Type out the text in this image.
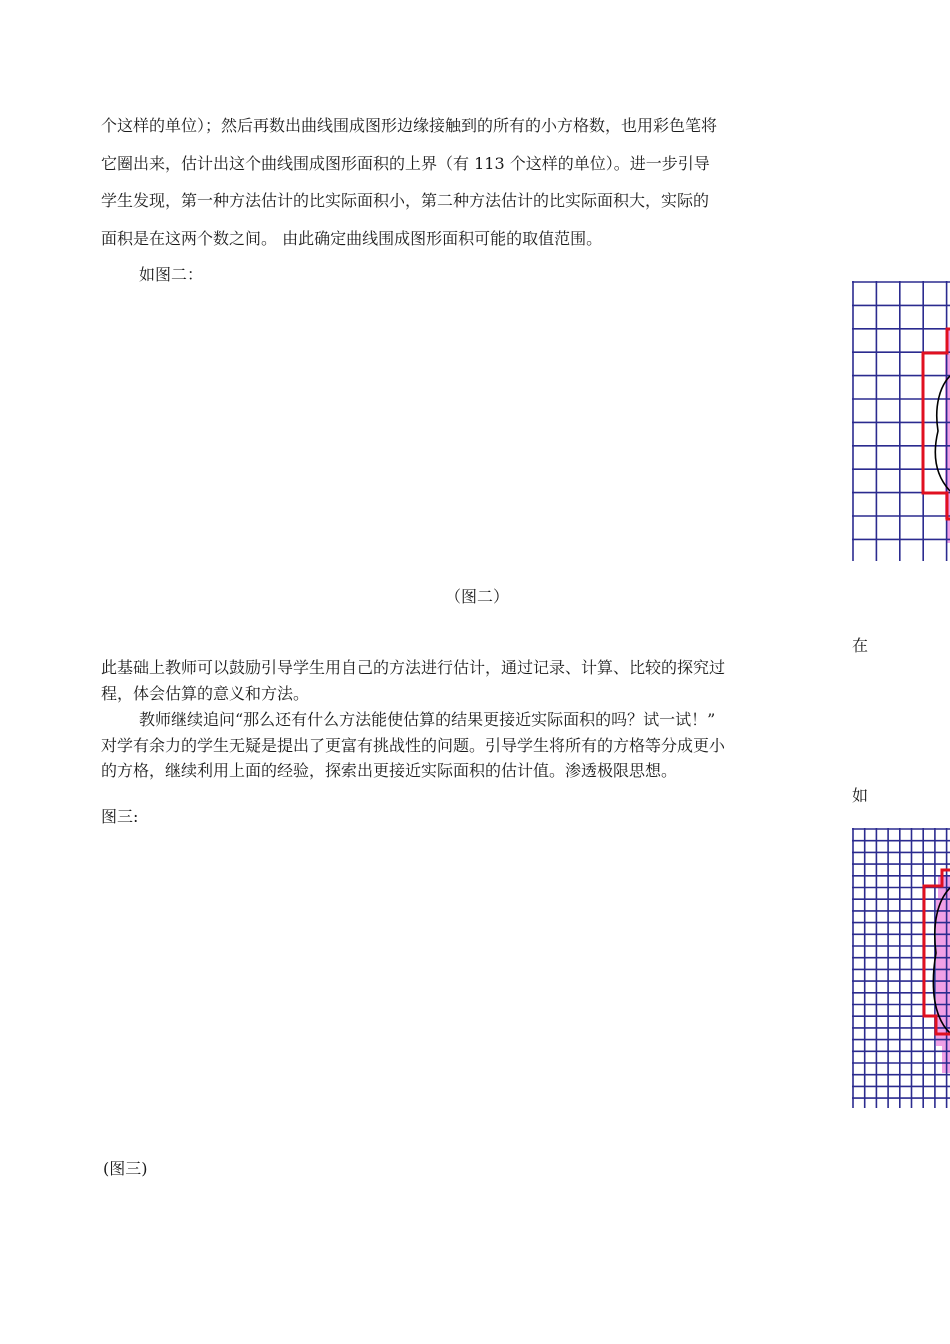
个这样的单位）；然后再数出曲线围成图形边缘接触到的所有的小方格数，也用彩色笔将
它圈出来，估计出这个曲线围成图形面积的上界（有 113 个这样的单位）。进一步引导
学生发现，第一种方法估计的比实际面积小，第二种方法估计的比实际面积大，实际的
面积是在这两个数之间。 由此确定曲线围成图形面积可能的取值范围。
如图二：
（图二）
在
此基础上教师可以鼓励引导学生用自己的方法进行估计，通过记录、计算、比较的探究过
程，体会估算的意义和方法。
教师继续追问“那么还有什么方法能使估算的结果更接近实际面积的吗？试一试！”
对学有余力的学生无疑是提出了更富有挑战性的问题。引导学生将所有的方格等分成更小
的方格，继续利用上面的经验，探索出更接近实际面积的估计值。渗透极限思想。
如
图三:
(图三)
